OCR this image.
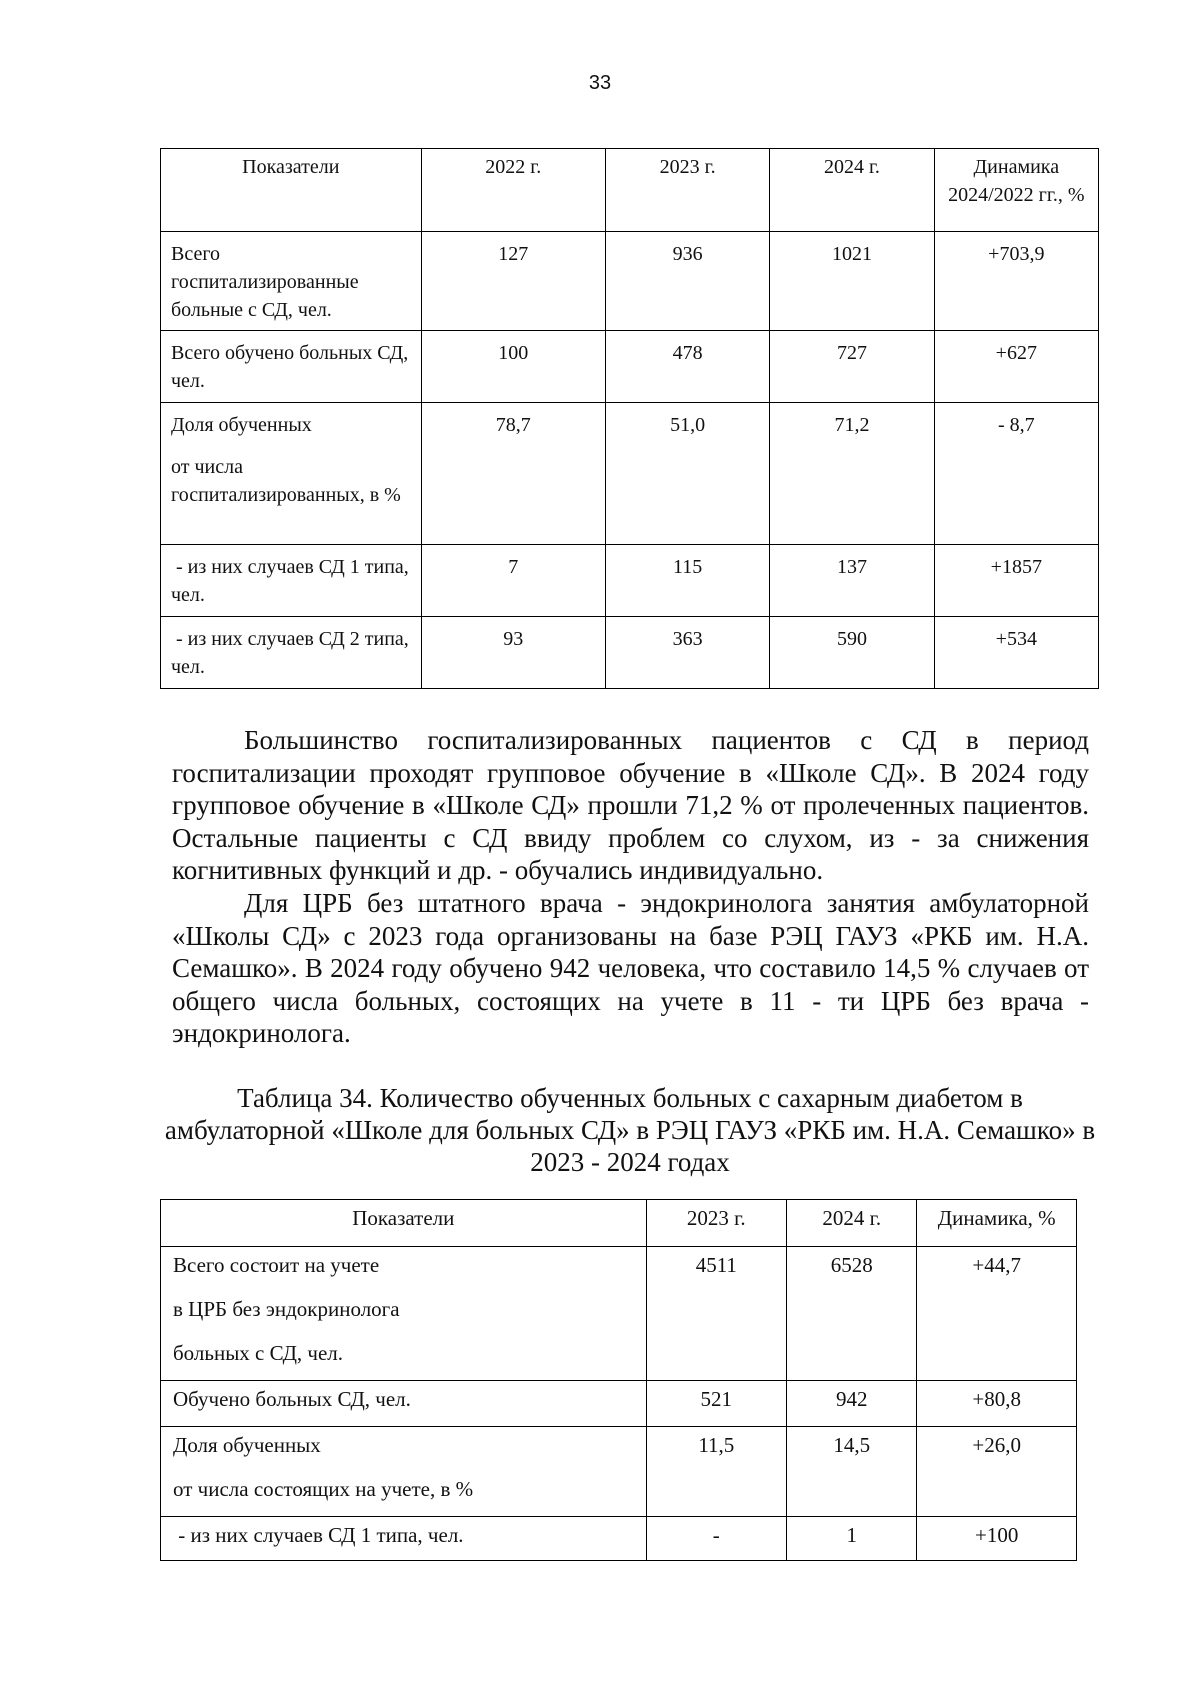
33
Показатели	2022 г.	2023 г.	2024 г.	Динамика 2024/2022 гг., %

Всего госпитализированные больные с СД, чел.	127	936	1021	+703,9

Всего обучено больных СД, чел.	100	478	727	+627

Доля обученных

от числа госпитализированных, в %	78,7	51,0	71,2	- 8,7

- из них случаев СД 1 типа, чел.	7	115	137	+1857

- из них случаев СД 2 типа, чел.	93	363	590	+534

Большинство госпитализированных пациентов с СД в период госпитализации проходят групповое обучение в «Школе СД». В 2024 году групповое обучение в «Школе СД» прошли 71,2 % от пролеченных пациентов. Остальные пациенты с СД ввиду проблем со слухом, из - за снижения когнитивных функций и др. - обучались индивидуально.

Для ЦРБ без штатного врача - эндокринолога занятия амбулаторной «Школы СД» с 2023 года организованы на базе РЭЦ ГАУЗ «РКБ им. Н.А. Семашко». В 2024 году обучено 942 человека, что составило 14,5 % случаев от общего числа больных, состоящих на учете в 11 - ти ЦРБ без врача - эндокринолога.

Таблица 34. Количество обученных больных с сахарным диабетом в амбулаторной «Школе для больных СД» в РЭЦ ГАУЗ «РКБ им. Н.А. Семашко» в 2023 - 2024 годах

Показатели	2023 г.	2024 г.	Динамика, %

Всего состоит на учете

в ЦРБ без эндокринолога

больных с СД, чел.	4511	6528	+44,7

Обучено больных СД, чел.	521	942	+80,8

Доля обученных

от числа состоящих на учете, в %	11,5	14,5	+26,0

- из них случаев СД 1 типа, чел.	-	1	+100
